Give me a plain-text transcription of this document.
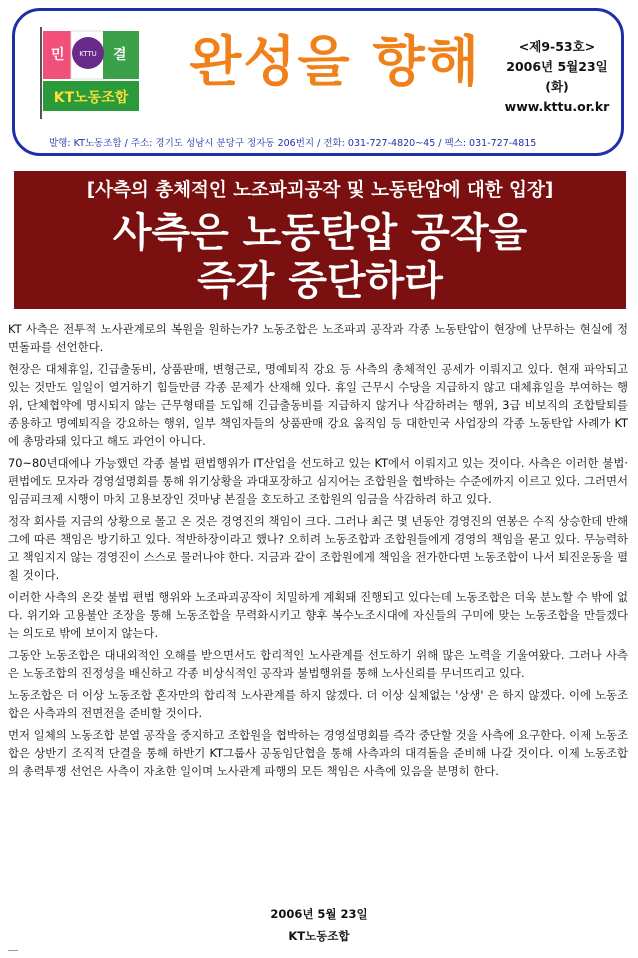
민	결
KTTU
KT노동조합
완성을 향해	<제9-53호>
2006년 5월23일(화)
www.kttu.or.kr
발행: KT노동조합 / 주소: 경기도 성남시 분당구 정자동 206번지 / 전화: 031-727-4820~45 / 팩스: 031-727-4815
[사측의 총체적인 노조파괴공작 및 노동탄압에 대한 입장]
사측은 노동탄압 공작을
즉각 중단하라

KT 사측은 전투적 노사관계로의 복원을 원하는가? 노동조합은 노조파괴 공작과 각종 노동탄압이 현장에 난무하는 현실에 정면돌파를 선언한다.

현장은 대체휴일, 긴급출동비, 상품판매, 변형근로, 명예퇴직 강요 등 사측의 총체적인 공세가 이뤄지고 있다. 현재 파악되고 있는 것만도 일일이 열거하기 힘들만큼 각종 문제가 산재해 있다. 휴일 근무시 수당을 지급하지 않고 대체휴일을 부여하는 행위, 단체협약에 명시되지 않는 근무형태를 도입해 긴급출동비를 지급하지 않거나 삭감하려는 행위, 3급 비보직의 조합탈퇴를 종용하고 명예퇴직을 강요하는 행위, 일부 책임자들의 상품판매 강요 움직임 등 대한민국 사업장의 각종 노동탄압 사례가 KT에 총망라돼 있다고 해도 과언이 아니다.

70~80년대에나 가능했던 각종 불법 편법행위가 IT산업을 선도하고 있는 KT에서 이뤄지고 있는 것이다. 사측은 이러한 불법·편법에도 모자라 경영설명회를 통해 위기상황을 과대포장하고 심지어는 조합원을 협박하는 수준에까지 이르고 있다. 그러면서 임금피크제 시행이 마치 고용보장인 것마냥 본질을 호도하고 조합원의 임금을 삭감하려 하고 있다.

정작 회사를 지금의 상황으로 몰고 온 것은 경영진의 책임이 크다. 그러나 최근 몇 년동안 경영진의 연봉은 수직 상승한데 반해 그에 따른 책임은 방기하고 있다. 적반하장이라고 했나? 오히려 노동조합과 조합원들에게 경영의 책임을 묻고 있다. 무능력하고 책임지지 않는 경영진이 스스로 물러나야 한다. 지금과 같이 조합원에게 책임을 전가한다면 노동조합이 나서 퇴진운동을 펼칠 것이다.

이러한 사측의 온갖 불법 편법 행위와 노조파괴공작이 치밀하게 계획돼 진행되고 있다는데 노동조합은 더욱 분노할 수 밖에 없다. 위기와 고용불안 조장을 통해 노동조합을 무력화시키고 향후 복수노조시대에 자신들의 구미에 맞는 노동조합을 만들겠다는 의도로 밖에 보이지 않는다.

그동안 노동조합은 대내외적인 오해를 받으면서도 합리적인 노사관계를 선도하기 위해 많은 노력을 기울여왔다. 그러나 사측은 노동조합의 진정성을 배신하고 각종 비상식적인 공작과 불법행위를 통해 노사신뢰를 무너뜨리고 있다.

노동조합은 더 이상 노동조합 혼자만의 합리적 노사관계를 하지 않겠다. 더 이상 실체없는 '상생' 은 하지 않겠다. 이에 노동조합은 사측과의 전면전을 준비할 것이다.

먼저 일체의 노동조합 분열 공작을 중지하고 조합원을 협박하는 경영설명회를 즉각 중단할 것을 사측에 요구한다. 이제 노동조합은 상반기 조직적 단결을 통해 하반기 KT그룹사 공동임단협을 통해 사측과의 대격돌을 준비해 나갈 것이다. 이제 노동조합의 총력투쟁 선언은 사측이 자초한 일이며 노사관계 파행의 모든 책임은 사측에 있음을 분명히 한다.

2006년 5월 23일
KT노동조합
